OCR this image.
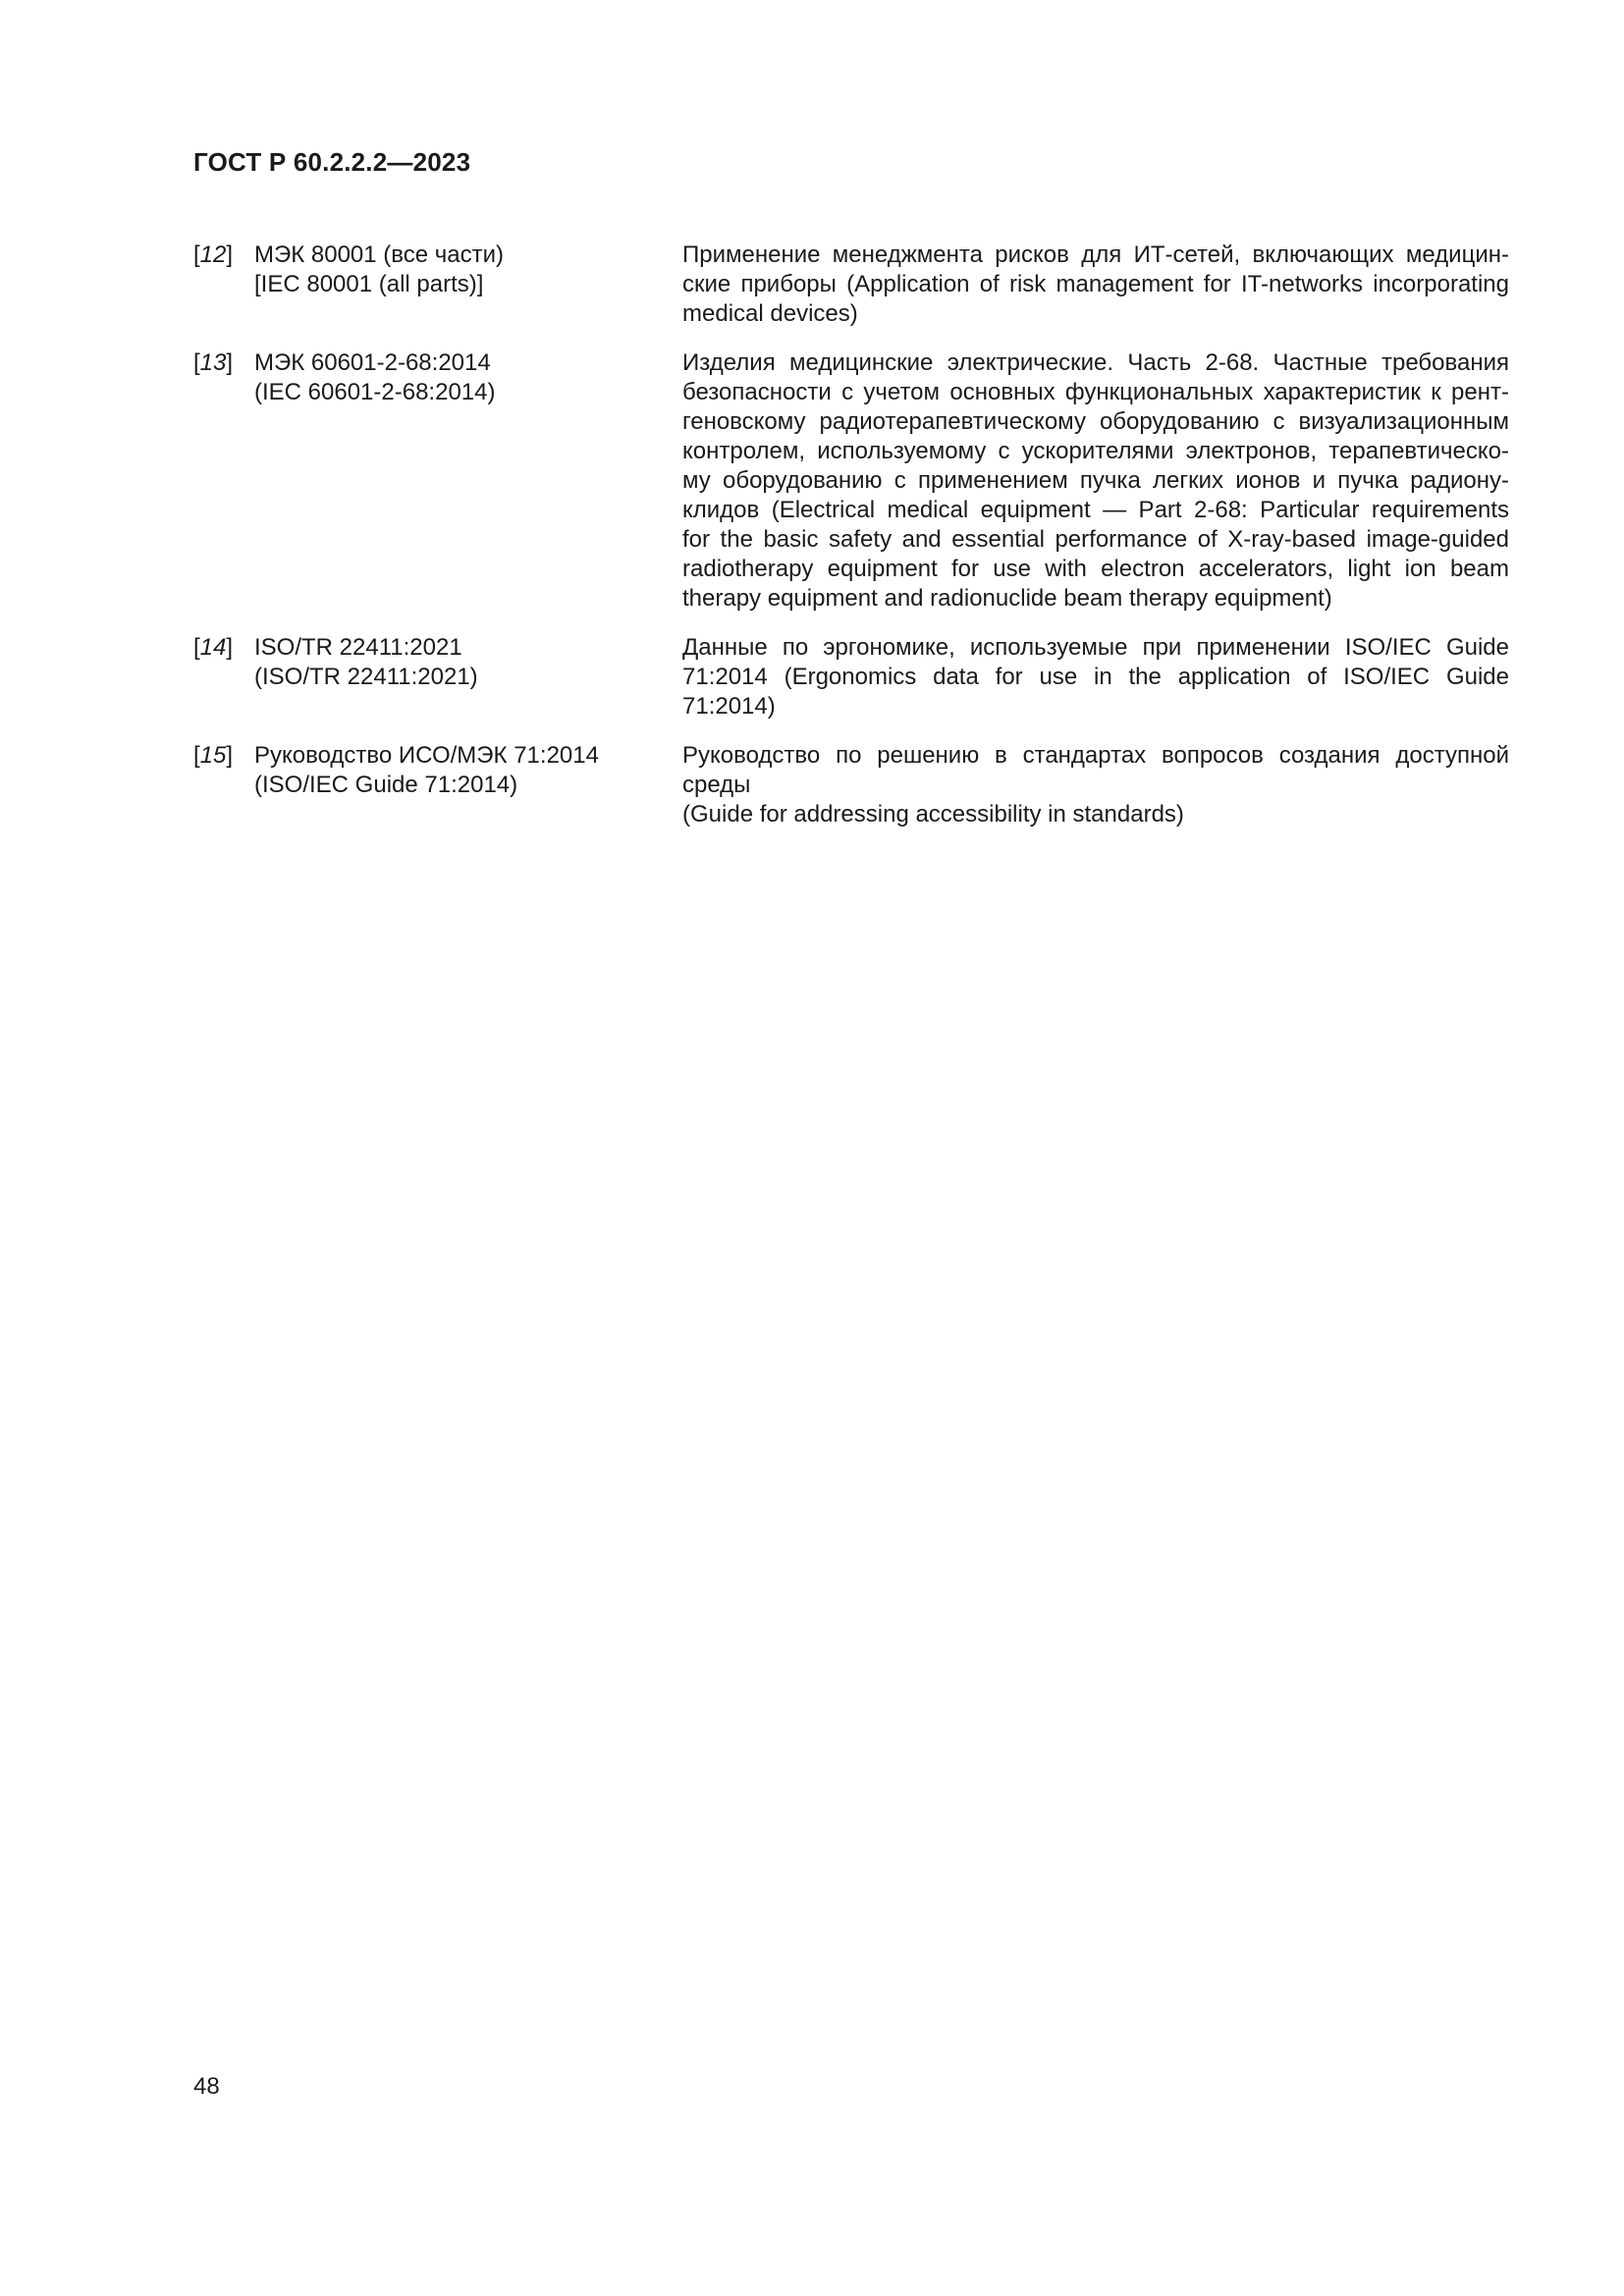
ГОСТ Р 60.2.2.2—2023
[12] МЭК 80001 (все части)
[IEC 80001 (all parts)]
Применение менеджмента рисков для ИТ-сетей, включающих медицин-
ские приборы (Application of risk management for IT-networks incorporating
medical devices)
[13] МЭК 60601-2-68:2014
(IEC 60601-2-68:2014)
Изделия медицинские электрические. Часть 2-68. Частные требования
безопасности с учетом основных функциональных характеристик к рент-
геновскому радиотерапевтическому оборудованию с визуализационным
контролем, используемому с ускорителями электронов, терапевтическо-
му оборудованию с применением пучка легких ионов и пучка радиону-
клидов (Electrical medical equipment — Part 2-68: Particular requirements
for the basic safety and essential performance of X-ray-based image-guided
radiotherapy equipment for use with electron accelerators, light ion beam
therapy equipment and radionuclide beam therapy equipment)
[14] ISO/TR 22411:2021
(ISO/TR 22411:2021)
Данные по эргономике, используемые при применении ISO/IEC Guide
71:2014 (Ergonomics data for use in the application of ISO/IEC Guide
71:2014)
[15] Руководство ИСО/МЭК 71:2014
(ISO/IEC Guide 71:2014)
Руководство по решению в стандартах вопросов создания доступной
среды
(Guide for addressing accessibility in standards)
48
